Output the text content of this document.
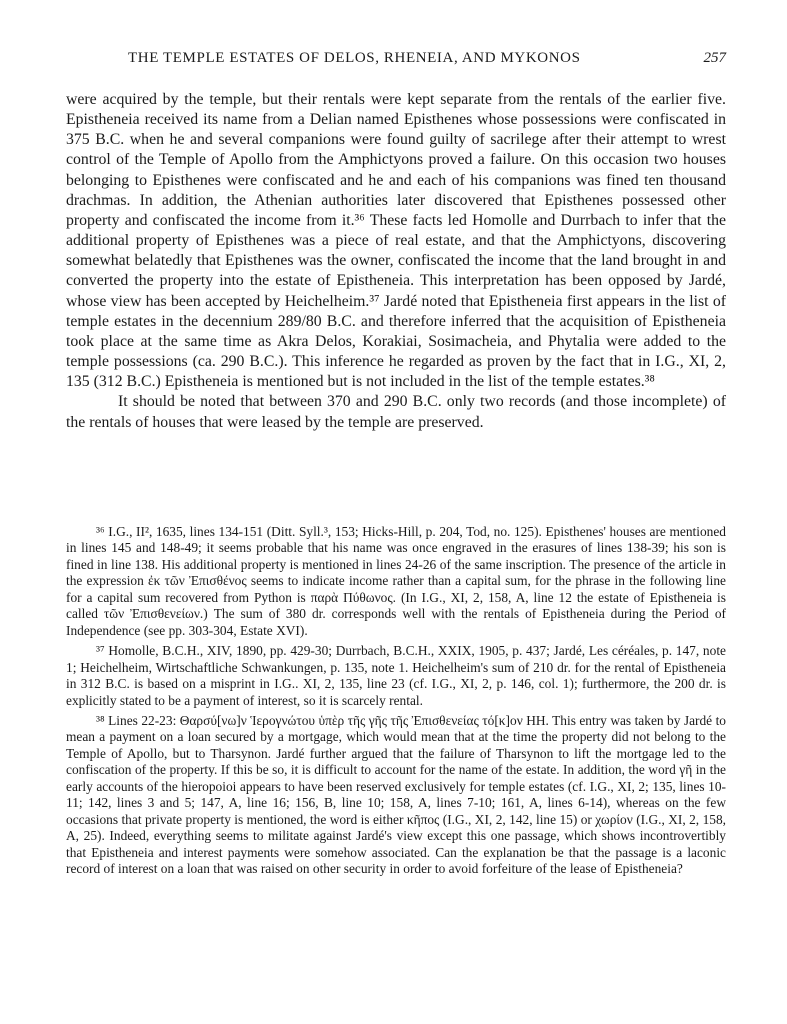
THE TEMPLE ESTATES OF DELOS, RHENEIA, AND MYKONOS	257

were acquired by the temple, but their rentals were kept separate from the rentals of the earlier five. Epistheneia received its name from a Delian named Episthenes whose possessions were confiscated in 375 B.C. when he and several companions were found guilty of sacrilege after their attempt to wrest control of the Temple of Apollo from the Amphictyons proved a failure. On this occasion two houses belonging to Episthenes were confiscated and he and each of his companions was fined ten thousand drachmas. In addition, the Athenian authorities later discovered that Episthenes possessed other property and confiscated the income from it.³⁶ These facts led Homolle and Durrbach to infer that the additional property of Episthenes was a piece of real estate, and that the Amphictyons, discovering somewhat belatedly that Episthenes was the owner, confiscated the income that the land brought in and converted the property into the estate of Epistheneia. This interpretation has been opposed by Jardé, whose view has been accepted by Heichelheim.³⁷ Jardé noted that Epistheneia first appears in the list of temple estates in the decennium 289/80 B.C. and therefore inferred that the acquisition of Epistheneia took place at the same time as Akra Delos, Korakiai, Sosimacheia, and Phytalia were added to the temple possessions (ca. 290 B.C.). This inference he regarded as proven by the fact that in I.G., XI, 2, 135 (312 B.C.) Epistheneia is mentioned but is not included in the list of the temple estates.³⁸

It should be noted that between 370 and 290 B.C. only two records (and those incomplete) of the rentals of houses that were leased by the temple are preserved.

³⁶ I.G., II², 1635, lines 134-151 (Ditt. Syll.³, 153; Hicks-Hill, p. 204, Tod, no. 125). Episthenes' houses are mentioned in lines 145 and 148-49; it seems probable that his name was once engraved in the erasures of lines 138-39; his son is fined in line 138. His additional property is mentioned in lines 24-26 of the same inscription. The presence of the article in the expression ἐκ τῶν Ἐπισθένος seems to indicate income rather than a capital sum, for the phrase in the following line for a capital sum recovered from Python is παρὰ Πύθωνος. (In I.G., XI, 2, 158, A, line 12 the estate of Epistheneia is called τῶν Ἐπισθενείων.) The sum of 380 dr. corresponds well with the rentals of Epistheneia during the Period of Independence (see pp. 303-304, Estate XVI).

³⁷ Homolle, B.C.H., XIV, 1890, pp. 429-30; Durrbach, B.C.H., XXIX, 1905, p. 437; Jardé, Les céréales, p. 147, note 1; Heichelheim, Wirtschaftliche Schwankungen, p. 135, note 1. Heichelheim's sum of 210 dr. for the rental of Epistheneia in 312 B.C. is based on a misprint in I.G.. XI, 2, 135, line 23 (cf. I.G., XI, 2, p. 146, col. 1); furthermore, the 200 dr. is explicitly stated to be a payment of interest, so it is scarcely rental.

³⁸ Lines 22-23: Θαρσύ[νω]ν Ἱερογνώτου ὑπὲρ τῆς γῆς τῆς Ἐπισθενείας τό[κ]ον HH. This entry was taken by Jardé to mean a payment on a loan secured by a mortgage, which would mean that at the time the property did not belong to the Temple of Apollo, but to Tharsynon. Jardé further argued that the failure of Tharsynon to lift the mortgage led to the confiscation of the property. If this be so, it is difficult to account for the name of the estate. In addition, the word γῆ in the early accounts of the hieropoioi appears to have been reserved exclusively for temple estates (cf. I.G., XI, 2; 135, lines 10-11; 142, lines 3 and 5; 147, A, line 16; 156, B, line 10; 158, A, lines 7-10; 161, A, lines 6-14), whereas on the few occasions that private property is mentioned, the word is either κῆπος (I.G., XI, 2, 142, line 15) or χωρίον (I.G., XI, 2, 158, A, 25). Indeed, everything seems to militate against Jardé's view except this one passage, which shows incontrovertibly that Epistheneia and interest payments were somehow associated. Can the explanation be that the passage is a laconic record of interest on a loan that was raised on other security in order to avoid forfeiture of the lease of Epistheneia?
